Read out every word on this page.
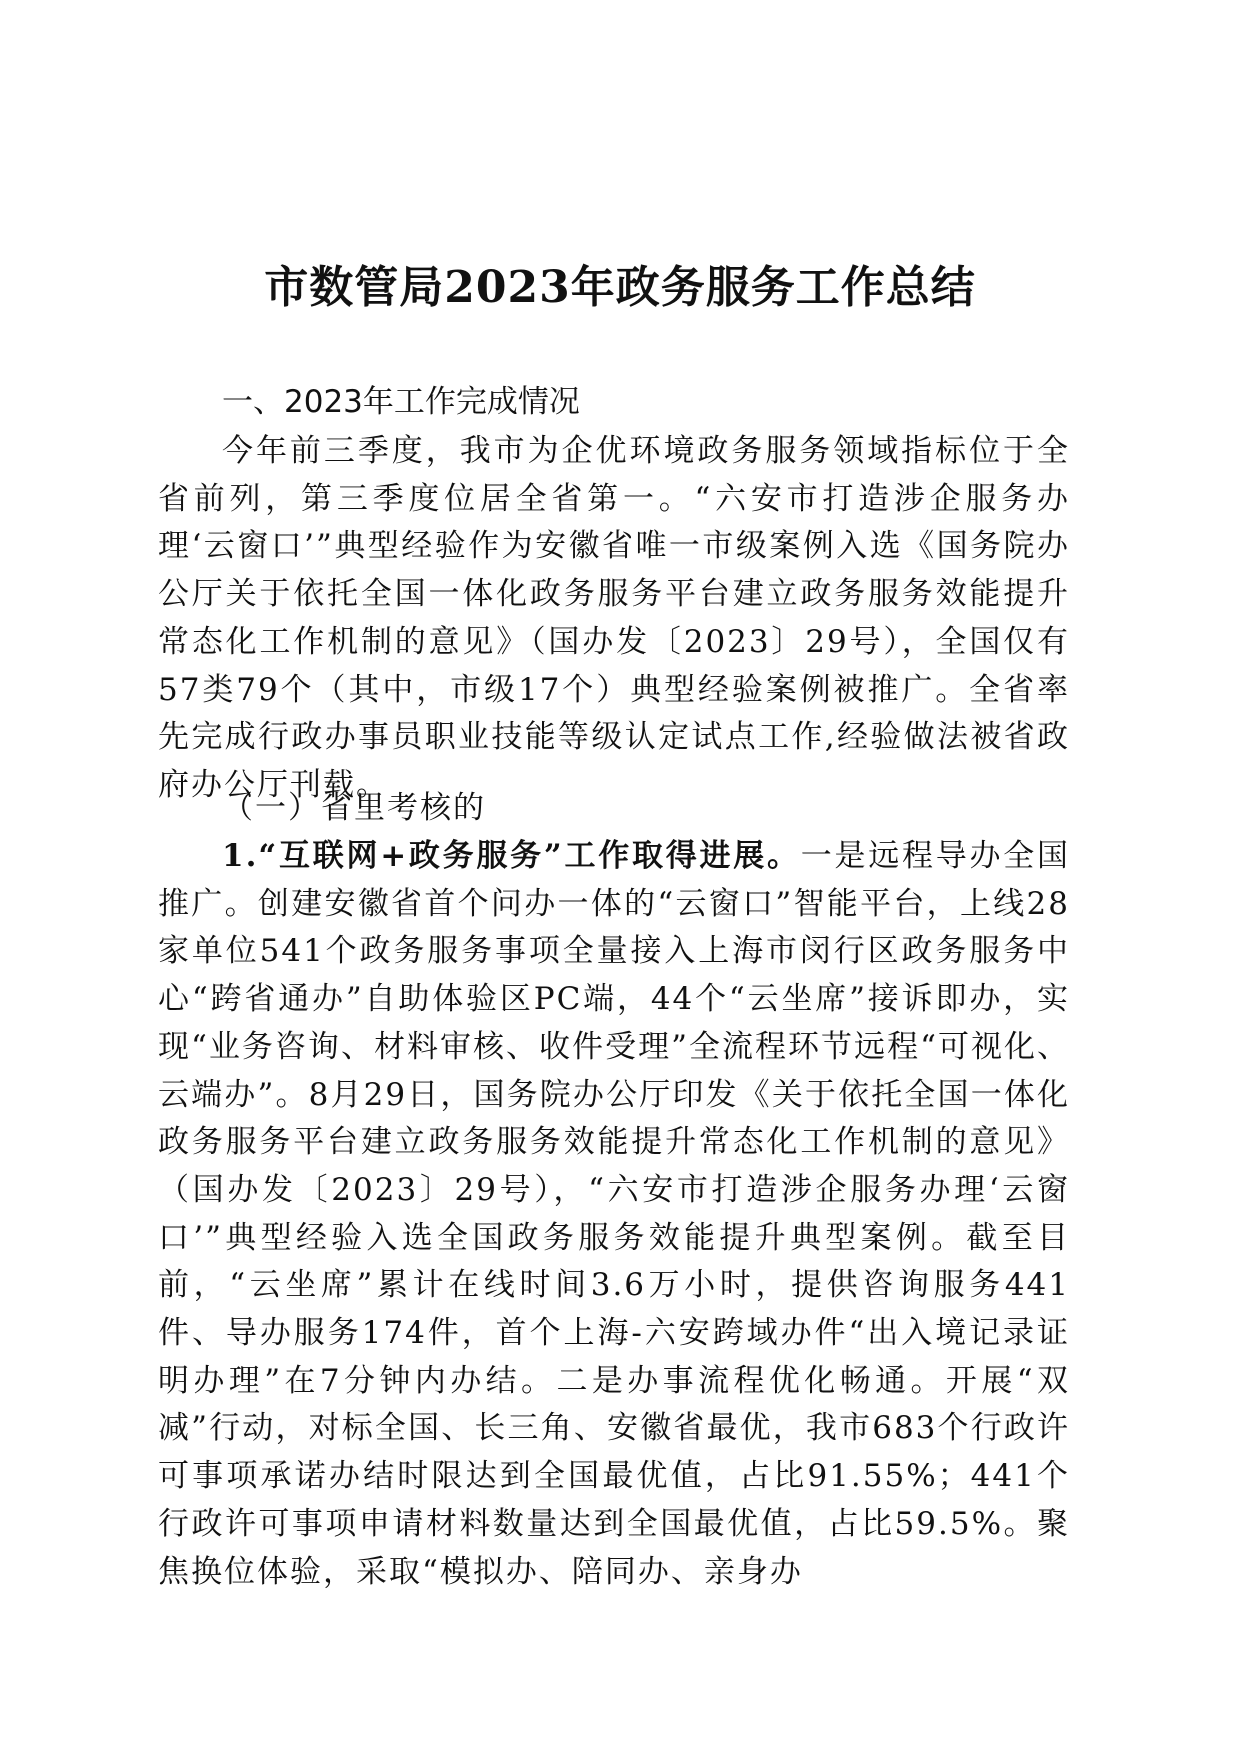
市数管局2023年政务服务工作总结
一、2023年工作完成情况
今年前三季度，我市为企优环境政务服务领域指标位于全省前列，第三季度位居全省第一。“六安市打造涉企服务办理‘云窗口’”典型经验作为安徽省唯一市级案例入选《国务院办公厅关于依托全国一体化政务服务平台建立政务服务效能提升常态化工作机制的意见》（国办发〔2023〕29号），全国仅有57类79个（其中，市级17个）典型经验案例被推广。全省率先完成行政办事员职业技能等级认定试点工作,经验做法被省政府办公厅刊载。
（一）省里考核的
1.“互联网+政务服务”工作取得进展。一是远程导办全国推广。创建安徽省首个问办一体的“云窗口”智能平台，上线28家单位541个政务服务事项全量接入上海市闵行区政务服务中心“跨省通办”自助体验区PC端，44个“云坐席”接诉即办，实现“业务咨询、材料审核、收件受理”全流程环节远程“可视化、云端办”。8月29日，国务院办公厅印发《关于依托全国一体化政务服务平台建立政务服务效能提升常态化工作机制的意见》（国办发〔2023〕29号），“六安市打造涉企服务办理‘云窗口’”典型经验入选全国政务服务效能提升典型案例。截至目前，“云坐席”累计在线时间3.6万小时，提供咨询服务441件、导办服务174件，首个上海-六安跨域办件“出入境记录证明办理”在7分钟内办结。二是办事流程优化畅通。开展“双减”行动，对标全国、长三角、安徽省最优，我市683个行政许可事项承诺办结时限达到全国最优值，占比91.55%；441个行政许可事项申请材料数量达到全国最优值，占比59.5%。聚焦换位体验，采取“模拟办、陪同办、亲身办
